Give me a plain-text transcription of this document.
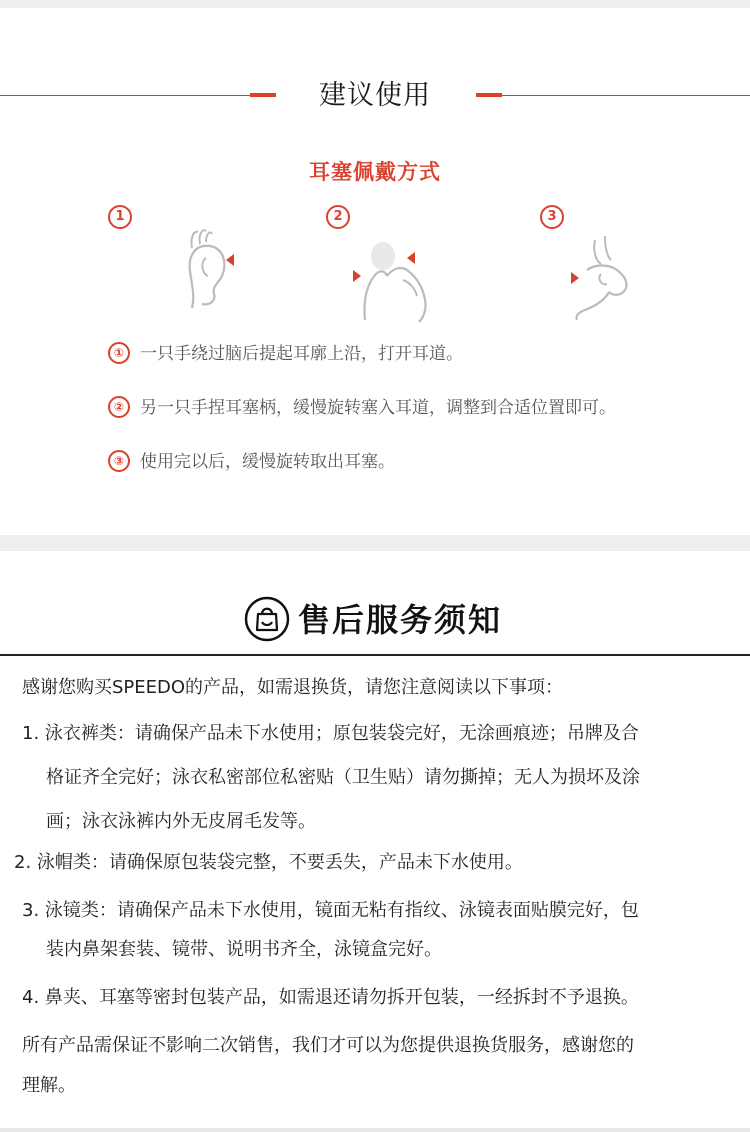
建议使用
耳塞佩戴方式
1	2	3
① 一只手绕过脑后提起耳廓上沿，打开耳道。
② 另一只手捏耳塞柄，缓慢旋转塞入耳道，调整到合适位置即可。
③ 使用完以后，缓慢旋转取出耳塞。
售后服务须知
感谢您购买SPEEDO的产品，如需退换货，请您注意阅读以下事项：
1. 泳衣裤类：请确保产品未下水使用；原包装袋完好，无涂画痕迹；吊牌及合
格证齐全完好；泳衣私密部位私密贴（卫生贴）请勿撕掉；无人为损坏及涂
画；泳衣泳裤内外无皮屑毛发等。
2. 泳帽类：请确保原包装袋完整，不要丢失，产品未下水使用。
3. 泳镜类：请确保产品未下水使用，镜面无粘有指纹、泳镜表面贴膜完好，包
装内鼻架套装、镜带、说明书齐全，泳镜盒完好。
4. 鼻夹、耳塞等密封包装产品，如需退还请勿拆开包装，一经拆封不予退换。
所有产品需保证不影响二次销售，我们才可以为您提供退换货服务，感谢您的
理解。
